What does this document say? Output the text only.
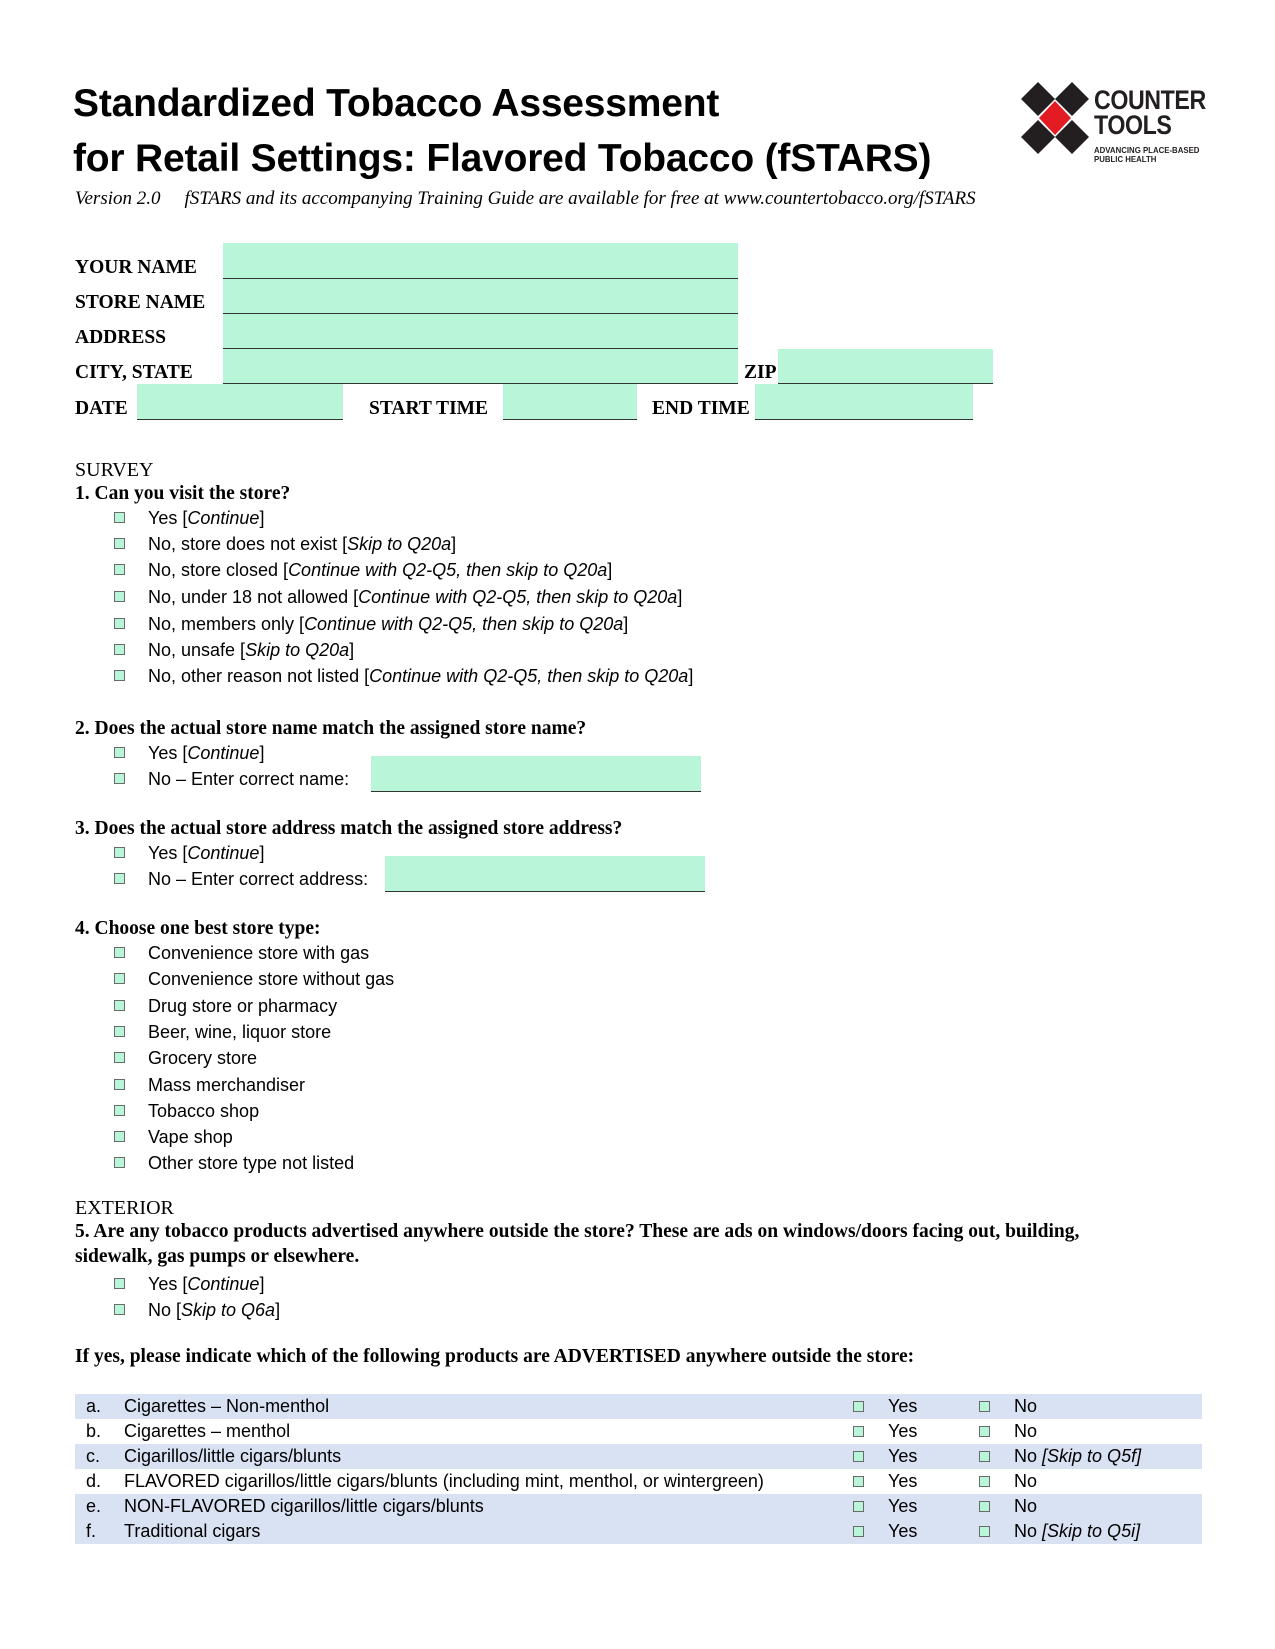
Standardized Tobacco Assessment
for Retail Settings: Flavored Tobacco (fSTARS)
Version 2.0 fSTARS and its accompanying Training Guide are available for free at www.countertobacco.org/fSTARS
COUNTER
TOOLS
ADVANCING PLACE-BASED
PUBLIC HEALTH
YOUR NAME
STORE NAME
ADDRESS
CITY, STATE	ZIP
DATE	START TIME	END TIME
SURVEY
1. Can you visit the store?
Yes [Continue]
No, store does not exist [Skip to Q20a]
No, store closed [Continue with Q2-Q5, then skip to Q20a]
No, under 18 not allowed [Continue with Q2-Q5, then skip to Q20a]
No, members only [Continue with Q2-Q5, then skip to Q20a]
No, unsafe [Skip to Q20a]
No, other reason not listed [Continue with Q2-Q5, then skip to Q20a]
2. Does the actual store name match the assigned store name?
Yes [Continue]
No – Enter correct name:
3. Does the actual store address match the assigned store address?
Yes [Continue]
No – Enter correct address:
4. Choose one best store type:
Convenience store with gas
Convenience store without gas
Drug store or pharmacy
Beer, wine, liquor store
Grocery store
Mass merchandiser
Tobacco shop
Vape shop
Other store type not listed
EXTERIOR
5. Are any tobacco products advertised anywhere outside the store? These are ads on windows/doors facing out, building,
sidewalk, gas pumps or elsewhere.
Yes [Continue]
No [Skip to Q6a]
If yes, please indicate which of the following products are ADVERTISED anywhere outside the store:
a. Cigarettes – Non-menthol	Yes	No
b. Cigarettes – menthol	Yes	No
c. Cigarillos/little cigars/blunts	Yes	No [Skip to Q5f]
d. FLAVORED cigarillos/little cigars/blunts (including mint, menthol, or wintergreen)	Yes	No
e. NON-FLAVORED cigarillos/little cigars/blunts	Yes	No
f. Traditional cigars	Yes	No [Skip to Q5i]
